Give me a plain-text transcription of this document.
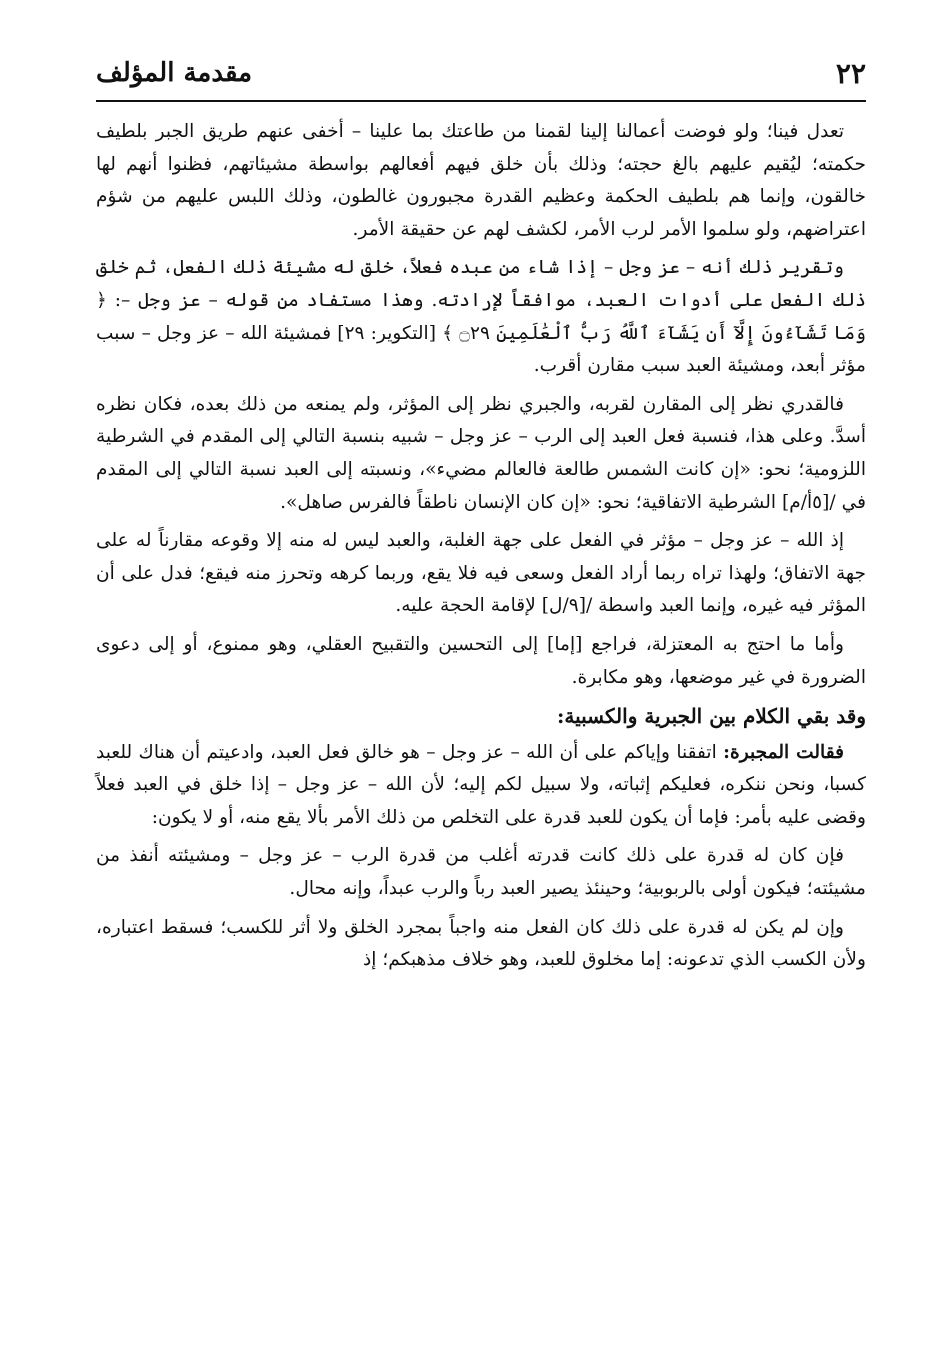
٢٢
مقدمة المؤلف

تعدل فينا؛ ولو فوضت أعمالنا إلينا لقمنا من طاعتك بما علينا – أخفى عنهم طريق الجبر بلطيف حكمته؛ ليُقيم عليهم بالغ حجته؛ وذلك بأن خلق فيهم أفعالهم بواسطة مشيئاتهم، فظنوا أنهم لها خالقون، وإنما هم بلطيف الحكمة وعظيم القدرة مجبورون غالطون، وذلك اللبس عليهم من شؤم اعتراضهم، ولو سلموا الأمر لرب الأمر، لكشف لهم عن حقيقة الأمر.

وتقرير ذلك أنه – عز وجل – إذا شاء من عبده فعلاً، خلق له مشيئة ذلك الفعل، ثم خلق ذلك الفعل على أدوات العبد، موافقاً لإرادته. وهذا مستفاد من قوله – عز وجل –: ﴿ وَمَا تَشَآءُونَ إِلَّآ أَن يَشَآءَ ٱللَّهُ رَبُّ ٱلْعَٰلَمِينَ ۝٢٩ ﴾ [التكوير: ٢٩] فمشيئة الله – عز وجل – سبب مؤثر أبعد، ومشيئة العبد سبب مقارن أقرب.

فالقدري نظر إلى المقارن لقربه، والجبري نظر إلى المؤثر، ولم يمنعه من ذلك بعده، فكان نظره أسدَّ. وعلى هذا، فنسبة فعل العبد إلى الرب – عز وجل – شبيه بنسبة التالي إلى المقدم في الشرطية اللزومية؛ نحو: «إن كانت الشمس طالعة فالعالم مضيء»، ونسبته إلى العبد نسبة التالي إلى المقدم في /[٥أ/م] الشرطية الاتفاقية؛ نحو: «إن كان الإنسان ناطقاً فالفرس صاهل».

إذ الله – عز وجل – مؤثر في الفعل على جهة الغلبة، والعبد ليس له منه إلا وقوعه مقارناً له على جهة الاتفاق؛ ولهذا تراه ربما أراد الفعل وسعى فيه فلا يقع، وربما كرهه وتحرز منه فيقع؛ فدل على أن المؤثر فيه غيره، وإنما العبد واسطة /[٩/ل] لإقامة الحجة عليه.

وأما ما احتج به المعتزلة، فراجع [إما] إلى التحسين والتقبيح العقلي، وهو ممنوع، أو إلى دعوى الضرورة في غير موضعها، وهو مكابرة.

وقد بقي الكلام بين الجبرية والكسبية:

فقالت المجبرة: اتفقنا وإياكم على أن الله – عز وجل – هو خالق فعل العبد، وادعيتم أن هناك للعبد كسبا، ونحن ننكره، فعليكم إثباته، ولا سبيل لكم إليه؛ لأن الله – عز وجل – إذا خلق في العبد فعلاً وقضى عليه بأمر: فإما أن يكون للعبد قدرة على التخلص من ذلك الأمر بألا يقع منه، أو لا يكون:

فإن كان له قدرة على ذلك كانت قدرته أغلب من قدرة الرب – عز وجل – ومشيئته أنفذ من مشيئته؛ فيكون أولى بالربوبية؛ وحينئذ يصير العبد رباً والرب عبداً، وإنه محال.

وإن لم يكن له قدرة على ذلك كان الفعل منه واجباً بمجرد الخلق ولا أثر للكسب؛ فسقط اعتباره، ولأن الكسب الذي تدعونه: إما مخلوق للعبد، وهو خلاف مذهبكم؛ إذ
